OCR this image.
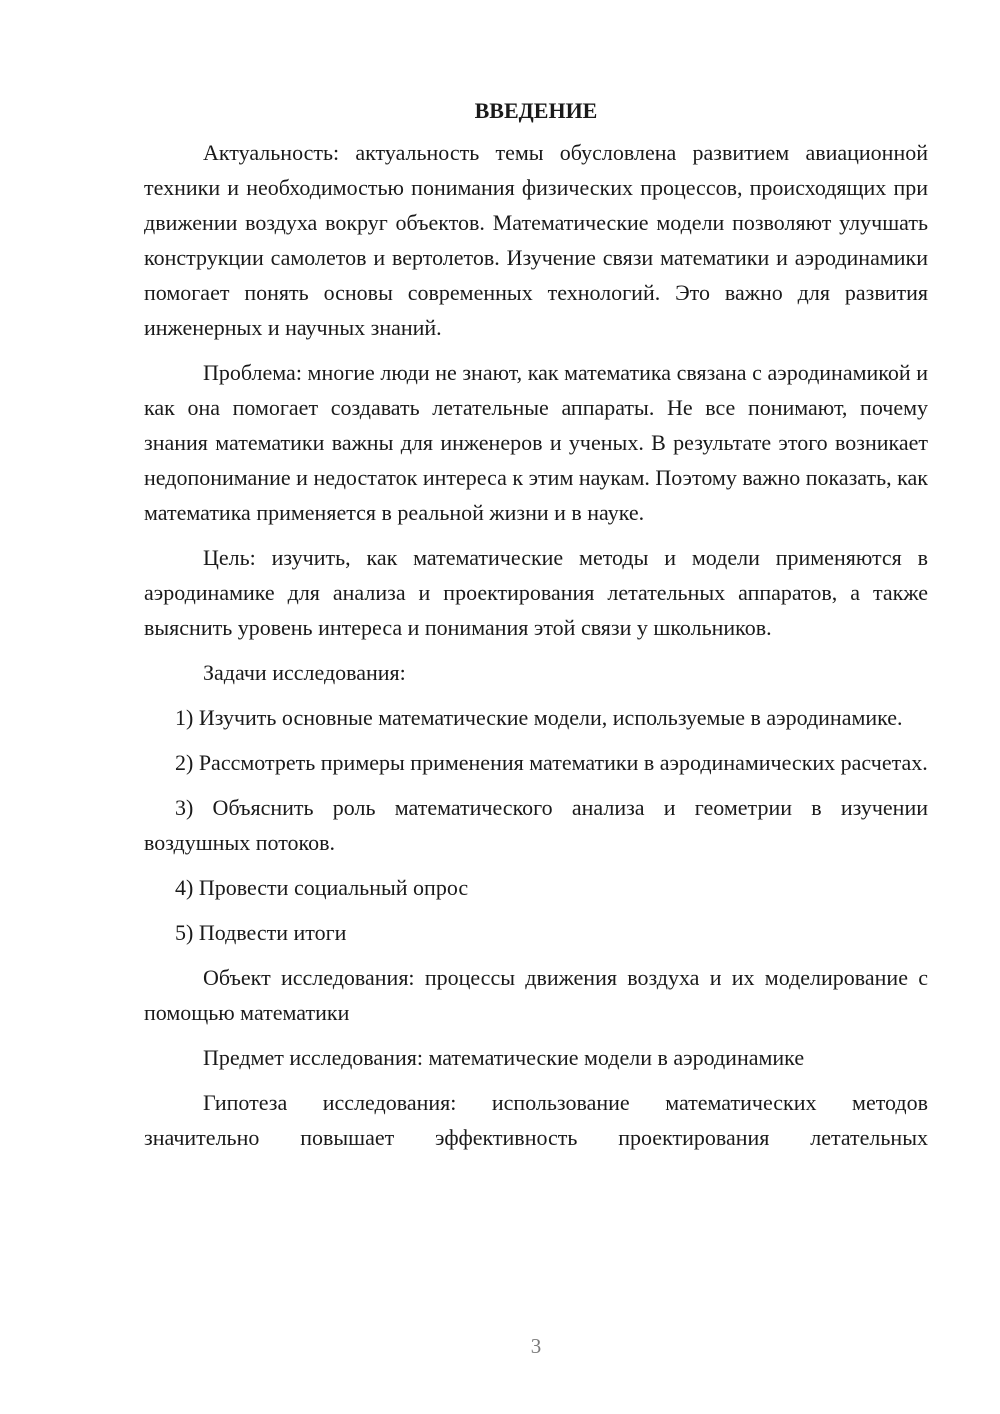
ВВЕДЕНИЕ
Актуальность: актуальность темы обусловлена развитием авиационной техники и необходимостью понимания физических процессов, происходящих при движении воздуха вокруг объектов. Математические модели позволяют улучшать конструкции самолетов и вертолетов. Изучение связи математики и аэродинамики помогает понять основы современных технологий. Это важно для развития инженерных и научных знаний.
Проблема: многие люди не знают, как математика связана с аэродинамикой и как она помогает создавать летательные аппараты. Не все понимают, почему знания математики важны для инженеров и ученых. В результате этого возникает недопонимание и недостаток интереса к этим наукам. Поэтому важно показать, как математика применяется в реальной жизни и в науке.
Цель: изучить, как математические методы и модели применяются в аэродинамике для анализа и проектирования летательных аппаратов, а также выяснить уровень интереса и понимания этой связи у школьников.
Задачи исследования:
1) Изучить основные математические модели, используемые в аэродинамике.
2) Рассмотреть примеры применения математики в аэродинамических расчетах.
3) Объяснить роль математического анализа и геометрии в изучении воздушных потоков.
4) Провести социальный опрос
5) Подвести итоги
Объект исследования: процессы движения воздуха и их моделирование с помощью математики
Предмет исследования: математические модели в аэродинамике
Гипотеза исследования: использование математических методов значительно повышает эффективность проектирования летательных
3
